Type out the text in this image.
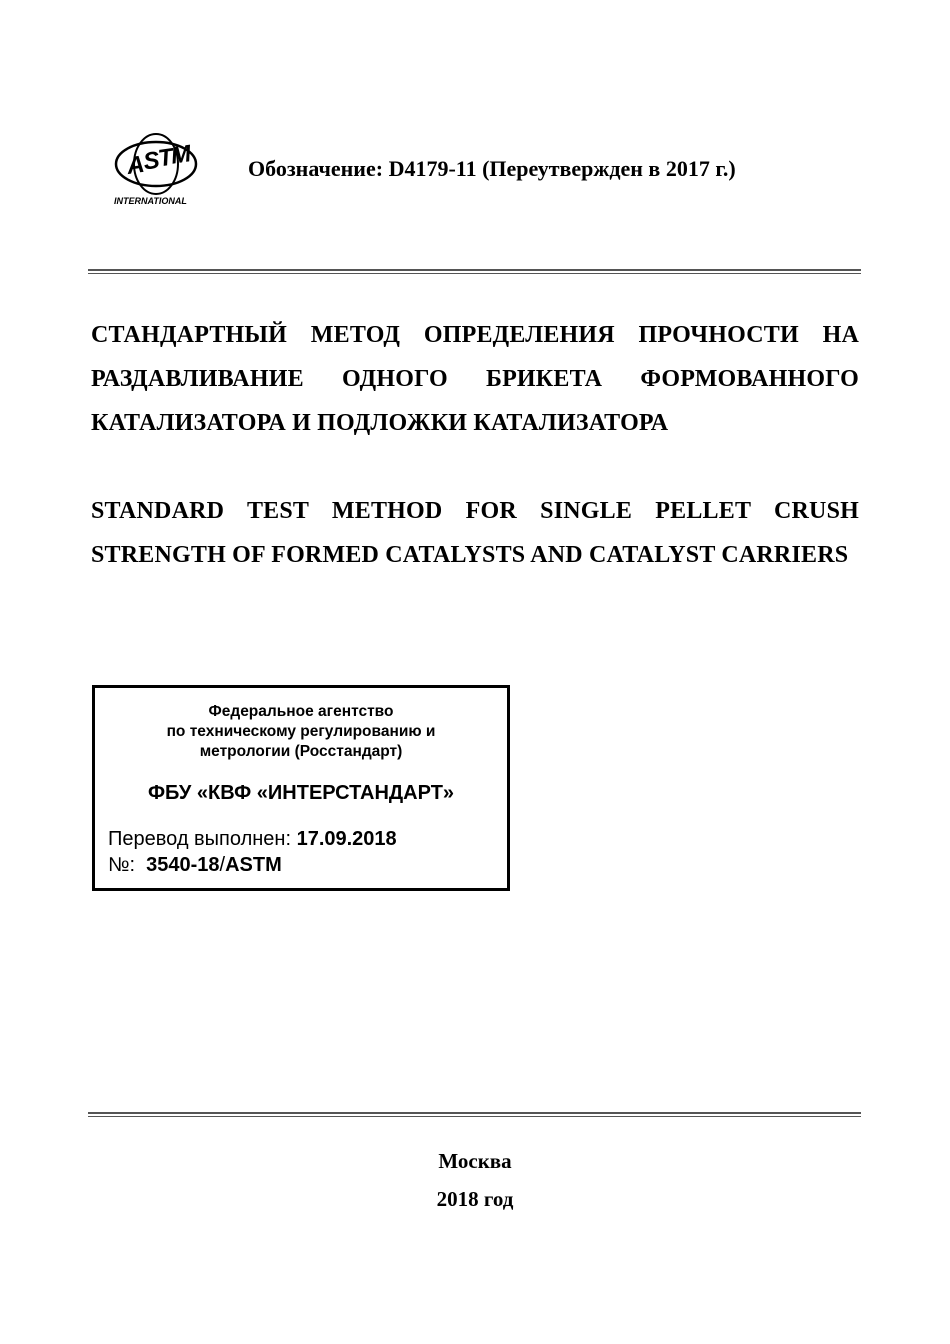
A
S
T
M
INTERNATIONAL
Обозначение: D4179-11 (Переутвержден в 2017 г.)
СТАНДАРТНЫЙ МЕТОД ОПРЕДЕЛЕНИЯ ПРОЧНОСТИ НА РАЗДАВЛИВАНИЕ ОДНОГО БРИКЕТА ФОРМОВАННОГО КАТАЛИЗАТОРА И ПОДЛОЖКИ КАТАЛИЗАТОРА
STANDARD TEST METHOD FOR SINGLE PELLET CRUSH STRENGTH OF FORMED CATALYSTS AND CATALYST CARRIERS
Федеральное агентство
по техническому регулированию и
метрологии (Росстандарт)
ФБУ «КВФ «ИНТЕРСТАНДАРТ»
Перевод выполнен: 17.09.2018
№: 3540-18/ASTM
Москва
2018 год
